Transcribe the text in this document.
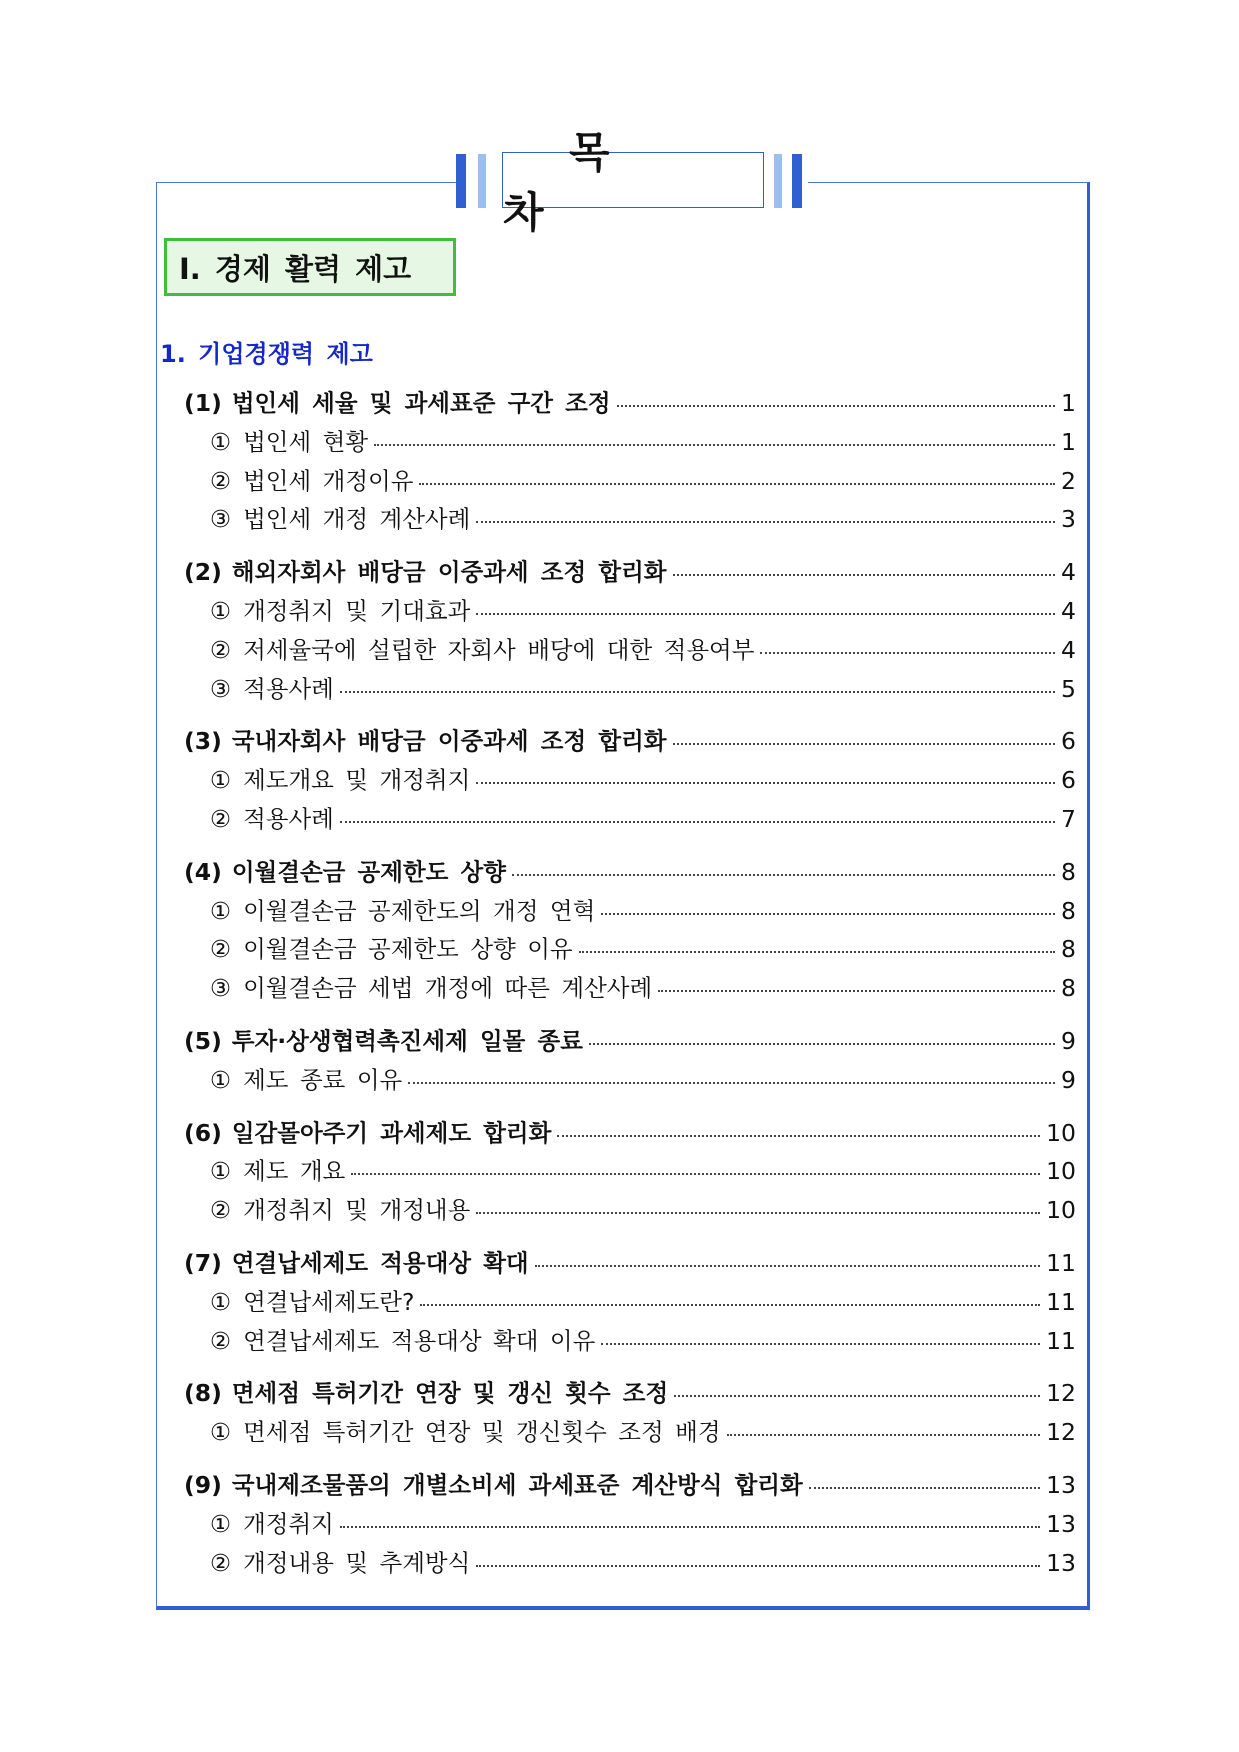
목 차
Ⅰ. 경제 활력 제고
1. 기업경쟁력 제고
(1) 법인세 세율 및 과세표준 구간 조정	1
① 법인세 현황	1
② 법인세 개정이유	2
③ 법인세 개정 계산사례	3
(2) 해외자회사 배당금 이중과세 조정 합리화	4
① 개정취지 및 기대효과	4
② 저세율국에 설립한 자회사 배당에 대한 적용여부	4
③ 적용사례	5
(3) 국내자회사 배당금 이중과세 조정 합리화	6
① 제도개요 및 개정취지	6
② 적용사례	7
(4) 이월결손금 공제한도 상향	8
① 이월결손금 공제한도의 개정 연혁	8
② 이월결손금 공제한도 상향 이유	8
③ 이월결손금 세법 개정에 따른 계산사례	8
(5) 투자·상생협력촉진세제 일몰 종료	9
① 제도 종료 이유	9
(6) 일감몰아주기 과세제도 합리화	10
① 제도 개요	10
② 개정취지 및 개정내용	10
(7) 연결납세제도 적용대상 확대	11
① 연결납세제도란?	11
② 연결납세제도 적용대상 확대 이유	11
(8) 면세점 특허기간 연장 및 갱신 횟수 조정	12
① 면세점 특허기간 연장 및 갱신횟수 조정 배경	12
(9) 국내제조물품의 개별소비세 과세표준 계산방식 합리화	13
① 개정취지	13
② 개정내용 및 추계방식	13
